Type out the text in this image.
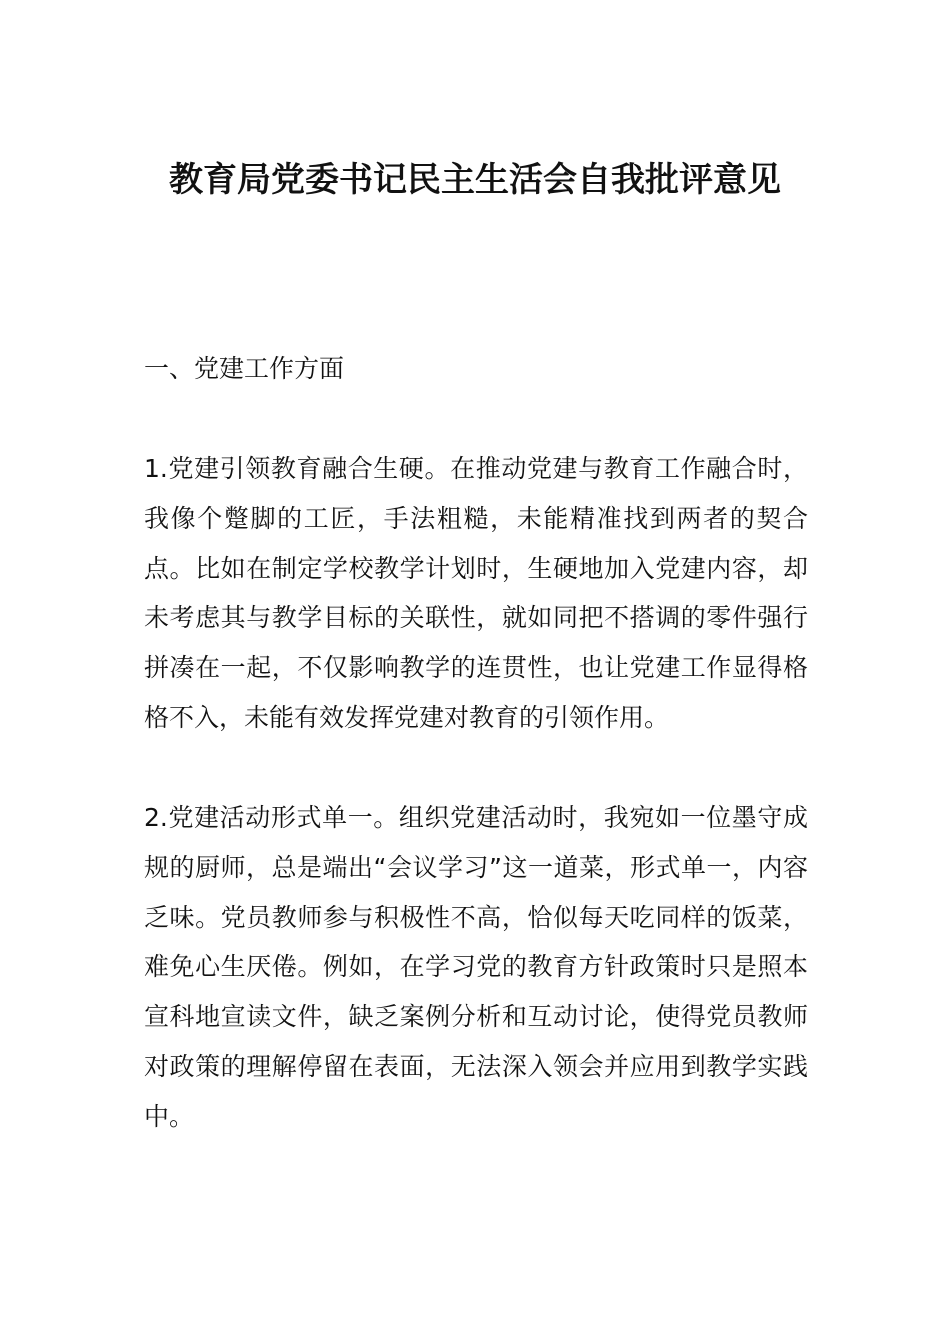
教育局党委书记民主生活会自我批评意见
一、党建工作方面

1.党建引领教育融合生硬。在推动党建与教育工作融合时，我像个蹩脚的工匠，手法粗糙，未能精准找到两者的契合点。比如在制定学校教学计划时，生硬地加入党建内容，却未考虑其与教学目标的关联性，就如同把不搭调的零件强行拼凑在一起，不仅影响教学的连贯性，也让党建工作显得格格不入，未能有效发挥党建对教育的引领作用。

2.党建活动形式单一。组织党建活动时，我宛如一位墨守成规的厨师，总是端出“会议学习”这一道菜，形式单一，内容乏味。党员教师参与积极性不高，恰似每天吃同样的饭菜，难免心生厌倦。例如，在学习党的教育方针政策时只是照本宣科地宣读文件，缺乏案例分析和互动讨论，使得党员教师对政策的理解停留在表面，无法深入领会并应用到教学实践中。
